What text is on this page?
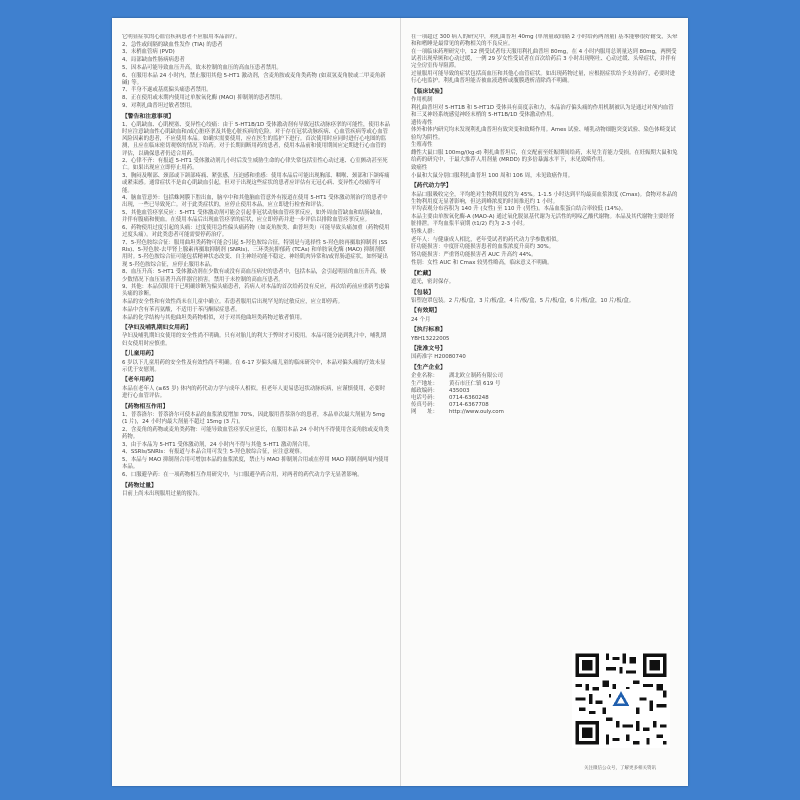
它明显症状的心血管疾病患者不应服用本品治疗。

2、急性或间隔的缺血性发作 (TIA) 的患者

3、末梢血管病 (PVD)

4、局部缺血性肠病病患者

5、因本品可能导致血压升高，故未控制的血压的高血压患者禁用。

6、在服用本品 24 小时内，禁止服用其他 5-HT1 激动剂，含麦角胺或麦角类药物 (如双氢麦角胺或二甲麦角新碱) 等。

7、半身不遂或基底偏头痛患者禁用。

8、正在使用或末期内使用过单胺氧化酶 (MAO) 抑制剂的患者禁用。

9、对利扎曲普坦过敏者禁用。

【警告和注意事项】

1、心肌缺血、心肌梗塞、变异性心绞痛：由于 5-HT1B/1D 受体激动剂有导致冠状动脉痉挛的可能性，使用本品时应注意缺血性心肌缺血和/或心脏痉挛及其他心脏疾病的危险。对于存在冠状动脉疾病、心血管疾病等或心血管风险因素的患者，不应使用本品。如确实需要使用，应在医生的监护下进行。首次使用时应同时进行心电图的监测，且应在临床密切观察的情况下给药。对于长期间断用药的患者，使用本品前和使用期间应定期进行心血管的评估，以确保患者仍适合用药。

2、心律不齐：有报道 5-HT1 受体激动剂几小时后发生威胁生命的心律失常包括室性心动过速、心室颤动甚至死亡。如果出现应立即停止用药。

3、胸闷及喉部、颈部或下颌部疼痛、紧张感，压迫感和重感：使用本品后可能出现胸部、咽喉、颈部和下颌疼痛或紧束感。通常症状不是由心肌缺血引起，但对于出现这些症状的患者应评估有无冠心病、变异性心绞痛等可能。

4、脑血管意外：包括蛛网膜下腔出血，脑卒中和其他脑血管意外有报道在使用 5-HT1 受体激动剂治疗的患者中出现，一些已导致死亡。对于此类症状的，应停止使用本品，应立即进行检查和评估。

5、其他血管痉挛反应：5-HT1 受体激动剂可能会引起非冠状动脉血管痉挛反应，如外周血管缺血和结肠缺血，并伴有腹痛和便血。在使用本品后出现血管痉挛的症状，应立即停药并进一步评估以排除血管痉挛反应。

6、药物使用过度引起的头痛：过度使用急性偏头痛药物（如麦角胺类、曲普坦类）可能导致头痛加重（药物使用过度头痛）。对此类患者可能需要停药治疗。

7、5-羟色胺综合征：服用曲坦类药物可能会引起 5-羟色胺综合征，特别是与选择性 5-羟色胺再摄取抑制剂 (SSRIs)、5-羟色胺-去甲肾上腺素再摄取抑制剂 (SNRIs)、三环类抗抑郁药 (TCAs) 和单胺氧化酶 (MAO) 抑制剂联用时。5-羟色胺综合征可能包括精神状态改变、自主神经功能不稳定、神经肌肉异常和/或胃肠道症状。如怀疑出现 5-羟色胺综合征，应停止服用本品。

8、血压升高：5-HT1 受体激动剂在少数有或没有高血压病史的患者中，包括本品，会引起明显的血压升高，极少数情况下血压显著升高伴器官损害。禁用于未控制的高血压患者。

9、其他：本品仅限用于已明确诊断为偏头痛患者，若病人对本品的首次给药没有反应，再次给药前应重新考虑偏头痛的诊断。

本品的安全性和有效性尚未在儿童中确立。若患者服用后出现罕见的过敏反应，应立即停药。

本品中含有苯丙氨酸，不适用于苯丙酮尿症患者。

本品的化学结构与其他曲坦类药物相似，对于对其他曲坦类药物过敏者慎用。

【孕妇及哺乳期妇女用药】

孕妇及哺乳期妇女使用的安全性尚不明确。只有对胎儿的利大于弊时才可使用。本品可能分泌到乳汁中，哺乳期妇女使用时应慎重。

【儿童用药】

6 岁以下儿童用药的安全性及有效性尚不明确。在 6-17 岁偏头痛儿童的临床研究中，本品对偏头痛的疗效未显示优于安慰剂。

【老年用药】

本品在老年人 (≥65 岁) 体内的药代动力学与成年人相似。但老年人更易患冠状动脉疾病，应谨慎使用，必要时进行心血管评估。

【药物相互作用】

1、普萘洛尔：普萘洛尔可使本品的血浆浓度增加 70%，因此服用普萘洛尔的患者，本品单次最大剂量为 5mg (1 片)，24 小时内最大剂量不超过 15mg (3 片)。

2、含麦角的药物或麦角类药物：可能导致血管痉挛反应延长，在服用本品 24 小时内不得使用含麦角胺或麦角类药物。

3、由于本品为 5-HT1 受体激动剂，24 小时内不得与其他 5-HT1 激动剂合用。

4、SSRIs/SNRIs：有报道与本品合用可发生 5-羟色胺综合征，应注意观察。

5、本品与 MAO 抑制剂合用可增加本品的血浆浓度，禁止与 MAO 抑制剂合用或在停用 MAO 抑制剂两周内使用本品。

6、口服避孕药：在一项药物相互作用研究中，与口服避孕药合用，对两者的药代动力学无显著影响。

【药物过量】

目前上尚未出现服用过量的报告。

在一项超过 300 病人的研究中，利扎曲普坦 40mg (单剂量或间隔 2 小时给药两剂量) 基本能够很好耐受，头晕和和嗜睡是最常见的药物相关的不良反应。

在一项临床药理研究中，12 例受试者每天服用利扎曲普坦 80mg，在 4 小时内服用总剂量达到 80mg，两例受试者出现晕厥和心动过缓，一例 29 岁女性受试者在首次给药后 3 小时出现呕吐、心动过缓、头晕症状，并伴有完全房室传导阻滞。

过量服用可能导致的症状包括高血压和其他心血管症状。如出现药物过量，应根据症状给予支持治疗，必要时进行心电监护。利扎曲普坦能否被血液透析或腹膜透析清除尚不明确。

【临床试验】

作用机制

利扎曲普坦对 5-HT1B 和 5-HT1D 受体具有高度亲和力，本品治疗偏头痛的作用机制被认为是通过对颅内血管和三叉神经系统感觉神经末梢的 5-HT1B/1D 受体激动作用。

遗传毒性

体外和体内研究均未发现利扎曲普坦有致突变和致畸作用。Ames 试验、哺乳动物细胞突变试验、染色体畸变试验均为阴性。

生殖毒性

雌性大鼠口服 100mg/(kg·d) 利扎曲普坦后，在交配前至妊娠期间给药，未见生育能力受损。在妊娠期大鼠和兔给药的研究中，于最大推荐人用剂量 (MRDD) 的多倍暴露水平下，未见致畸作用。

致癌性

小鼠和大鼠分别口服利扎曲普坦 100 周和 106 周，未见致癌作用。

【药代动力学】

本品口服吸收完全，平均绝对生物利用度约为 45%。1-1.5 小时达到平均最高血浆浓度 (Cmax)。食物对本品的生物利用度无显著影响，但达到峰浓度的时间推迟约 1 小时。

平均表观分布容积为 140 升 (女性) 至 110 升 (男性)。本品血浆蛋白结合率较低 (14%)。

本品主要由单胺氧化酶-A (MAO-A) 通过氧化脱氨基代谢为无活性的吲哚乙酸代谢物。本品及其代谢物主要经肾脏排泄。平均血浆半衰期 (t1/2) 约为 2-3 小时。

特殊人群：

老年人：与健康成人相比，老年受试者的药代动力学参数相似。

肝功能损害：中度肝功能损害患者的血浆浓度升高约 30%。

肾功能损害：严重肾功能损害者 AUC 升高约 44%。

性别：女性 AUC 和 Cmax 较男性略高，临床意义不明确。

【贮藏】

遮光，密封保存。

【包装】

铝塑泡罩包装。2 片/板/盒，3 片/板/盒，4 片/板/盒，5 片/板/盒，6 片/板/盒，10 片/板/盒。

【有效期】

24 个月

【执行标准】

YBH13222005

【批准文号】

国药准字 H20080740

【生产企业】
企业名称：	湖北欧立制药有限公司
生产地址：	黄石市汪仁镇 619 号
邮政编码：	435003
电话号码：	0714-6360248
传真号码：	0714-6367708
网　　址：	http://www.ouly.com
关注微信公众号，了解更多相关资讯
